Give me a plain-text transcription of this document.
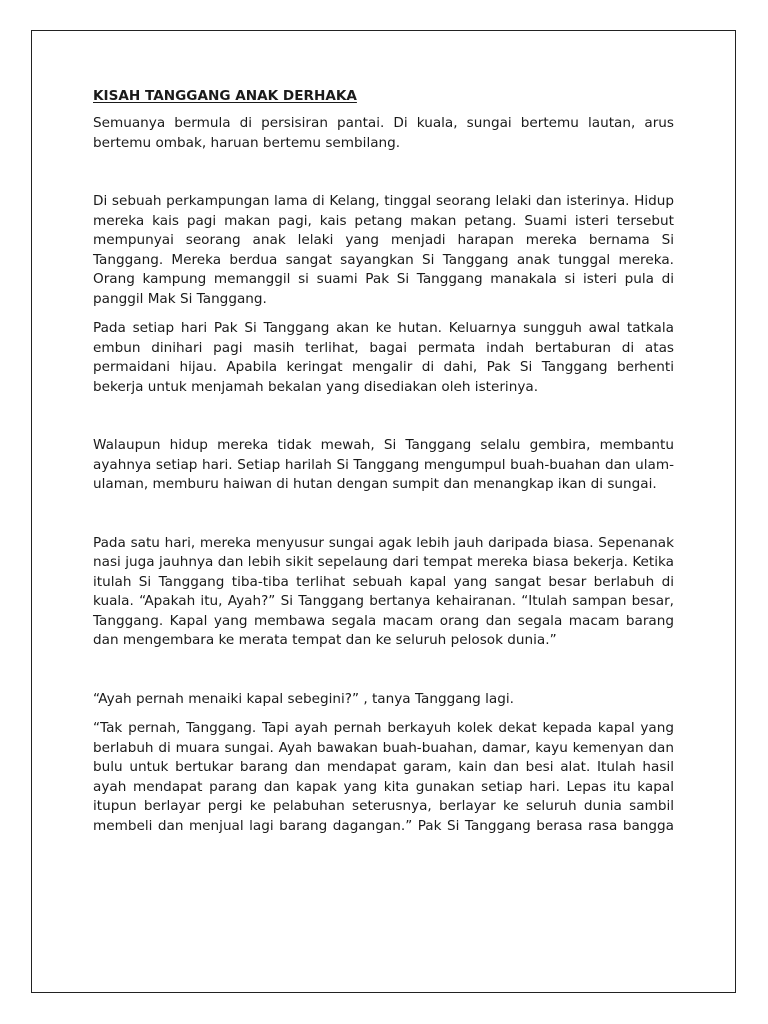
KISAH TANGGANG ANAK DERHAKA

Semuanya bermula di persisiran pantai. Di kuala, sungai bertemu lautan, arus bertemu ombak, haruan bertemu sembilang.

Di sebuah perkampungan lama di Kelang, tinggal seorang lelaki dan isterinya. Hidup mereka kais pagi makan pagi, kais petang makan petang. Suami isteri tersebut mempunyai seorang anak lelaki yang menjadi harapan mereka bernama Si Tanggang. Mereka berdua sangat sayangkan Si Tanggang anak tunggal mereka. Orang kampung memanggil si suami Pak Si Tanggang manakala si isteri pula di panggil Mak Si Tanggang.

Pada setiap hari Pak Si Tanggang akan ke hutan. Keluarnya sungguh awal tatkala embun dinihari pagi masih terlihat, bagai permata indah bertaburan di atas permaidani hijau. Apabila keringat mengalir di dahi, Pak Si Tanggang berhenti bekerja untuk menjamah bekalan yang disediakan oleh isterinya.

Walaupun hidup mereka tidak mewah, Si Tanggang selalu gembira, membantu ayahnya setiap hari. Setiap harilah Si Tanggang mengumpul buah-buahan dan ulam-ulaman, memburu haiwan di hutan dengan sumpit dan menangkap ikan di sungai.

Pada satu hari, mereka menyusur sungai agak lebih jauh daripada biasa. Sepenanak nasi juga jauhnya dan lebih sikit sepelaung dari tempat mereka biasa bekerja. Ketika itulah Si Tanggang tiba-tiba terlihat sebuah kapal yang sangat besar berlabuh di kuala. “Apakah itu, Ayah?” Si Tanggang bertanya kehairanan. “Itulah sampan besar, Tanggang. Kapal yang membawa segala macam orang dan segala macam barang dan mengembara ke merata tempat dan ke seluruh pelosok dunia.”

“Ayah pernah menaiki kapal sebegini?” , tanya Tanggang lagi.

“Tak pernah, Tanggang. Tapi ayah pernah berkayuh kolek dekat kepada kapal yang berlabuh di muara sungai. Ayah bawakan buah-buahan, damar, kayu kemenyan dan bulu untuk bertukar barang dan mendapat garam, kain dan besi alat. Itulah hasil ayah mendapat parang dan kapak yang kita gunakan setiap hari. Lepas itu kapal itupun berlayar pergi ke pelabuhan seterusnya, berlayar ke seluruh dunia sambil membeli dan menjual lagi barang dagangan.” Pak Si Tanggang berasa rasa bangga
